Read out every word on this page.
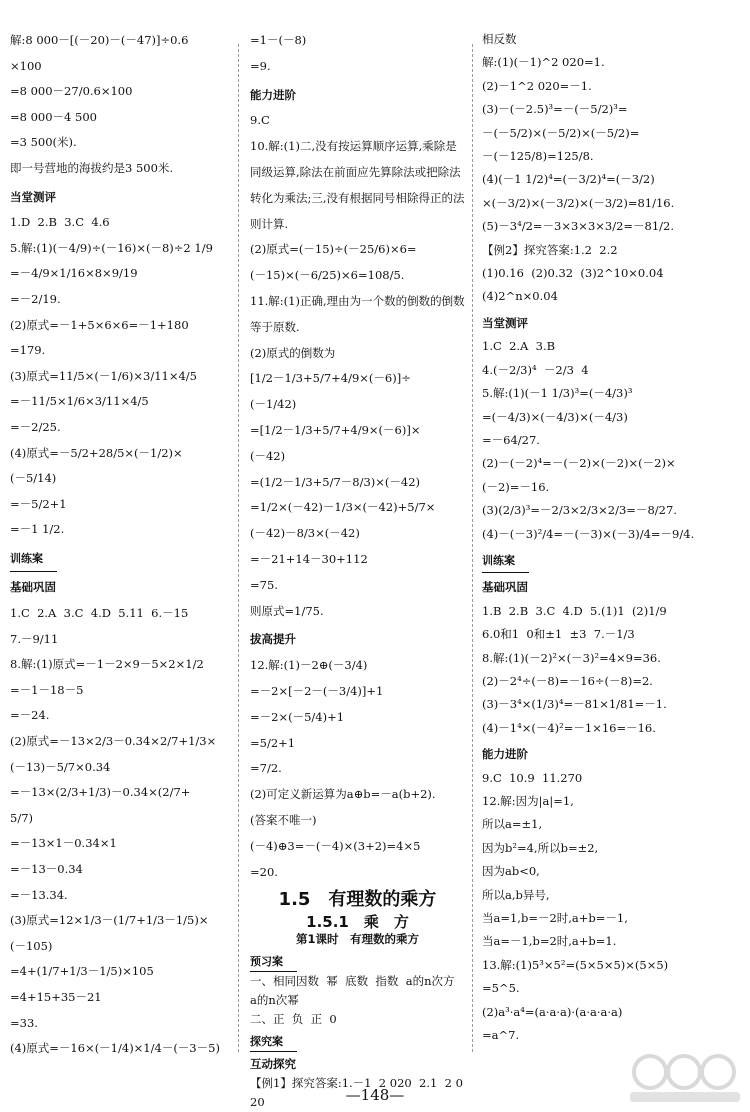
解:8 000－[(－20)－(－47)]÷0.6
×100
=8 000－27/0.6×100
=8 000－4 500
=3 500(米).
即一号营地的海拔约是3 500米.
当堂测评
1.D  2.B  3.C  4.6
5.解:(1)(－4/9)÷(－16)×(－8)÷2 1/9
=－4/9×1/16×8×9/19
=－2/19.
(2)原式=－1+5×6×6=－1+180
=179.
(3)原式=11/5×(－1/6)×3/11×4/5
=－11/5×1/6×3/11×4/5
=－2/25.
(4)原式=－5/2+28/5×(－1/2)×
(－5/14)
=－5/2+1
=－1 1/2.
训练案
基础巩固
1.C  2.A  3.C  4.D  5.11  6.－15
7.－9/11
8.解:(1)原式=－1－2×9－5×2×1/2
=－1－18－5
=－24.
(2)原式=－13×2/3－0.34×2/7+1/3×
(－13)－5/7×0.34
=－13×(2/3+1/3)－0.34×(2/7+
5/7)
=－13×1－0.34×1
=－13－0.34
=－13.34.
(3)原式=12×1/3－(1/7+1/3－1/5)×
(－105)
=4+(1/7+1/3－1/5)×105
=4+15+35－21
=33.
(4)原式=－16×(－1/4)×1/4－(－3－5)
=1－(－8)
=9.
能力进阶
9.C
10.解:(1)二,没有按运算顺序运算,乘除是同级运算,除法在前面应先算除法或把除法转化为乘法;三,没有根据同号相除得正的法则计算.
(2)原式=(－15)÷(－25/6)×6=
(－15)×(－6/25)×6=108/5.
11.解:(1)正确,理由为一个数的倒数的倒数等于原数.
(2)原式的倒数为
[1/2－1/3+5/7+4/9×(－6)]÷
(－1/42)
=[1/2－1/3+5/7+4/9×(－6)]×
(－42)
=(1/2－1/3+5/7－8/3)×(－42)
=1/2×(－42)－1/3×(－42)+5/7×
(－42)－8/3×(－42)
=－21+14－30+112
=75.
则原式=1/75.
拔高提升
12.解:(1)－2⊕(－3/4)
=－2×[－2－(－3/4)]+1
=－2×(－5/4)+1
=5/2+1
=7/2.
(2)可定义新运算为a⊕b=－a(b+2).
(答案不唯一)
(－4)⊕3=－(－4)×(3+2)=4×5
=20.
1.5　有理数的乘方
1.5.1　乘　方
第1课时　有理数的乘方
预习案
一、相同因数  幂  底数  指数  a的n次方  a的n次幂
二、正  负  正  0
探究案
互动探究
【例1】探究答案:1.－1  2 020  2.1  2 020
相反数
解:(1)(－1)^2 020=1.
(2)－1^2 020=－1.
(3)－(－2.5)³=－(－5/2)³=
－(－5/2)×(－5/2)×(－5/2)=
－(－125/8)=125/8.
(4)(－1 1/2)⁴=(－3/2)⁴=(－3/2)
×(－3/2)×(－3/2)×(－3/2)=81/16.
(5)－3⁴/2=－3×3×3×3/2=－81/2.
【例2】探究答案:1.2  2.2
(1)0.16  (2)0.32  (3)2^10×0.04
(4)2^n×0.04
当堂测评
1.C  2.A  3.B
4.(－2/3)⁴  －2/3  4
5.解:(1)(－1 1/3)³=(－4/3)³
=(－4/3)×(－4/3)×(－4/3)
=－64/27.
(2)－(－2)⁴=－(－2)×(－2)×(－2)×
(－2)=－16.
(3)(2/3)³=－2/3×2/3×2/3=－8/27.
(4)－(－3)²/4=－(－3)×(－3)/4=－9/4.
训练案
基础巩固
1.B  2.B  3.C  4.D  5.(1)1  (2)1/9
6.0和1  0和±1  ±3  7.－1/3
8.解:(1)(－2)²×(－3)²=4×9=36.
(2)－2⁴÷(－8)=－16÷(－8)=2.
(3)－3⁴×(1/3)⁴=－81×1/81=－1.
(4)－1⁴×(－4)²=－1×16=－16.
能力进阶
9.C  10.9  11.270
12.解:因为|a|=1,
所以a=±1,
因为b²=4,所以b=±2,
因为ab<0,
所以a,b异号,
当a=1,b=－2时,a+b=－1,
当a=－1,b=2时,a+b=1.
13.解:(1)5³×5²=(5×5×5)×(5×5)
=5^5.
(2)a³·a⁴=(a·a·a)·(a·a·a·a)
=a^7.
—148—
